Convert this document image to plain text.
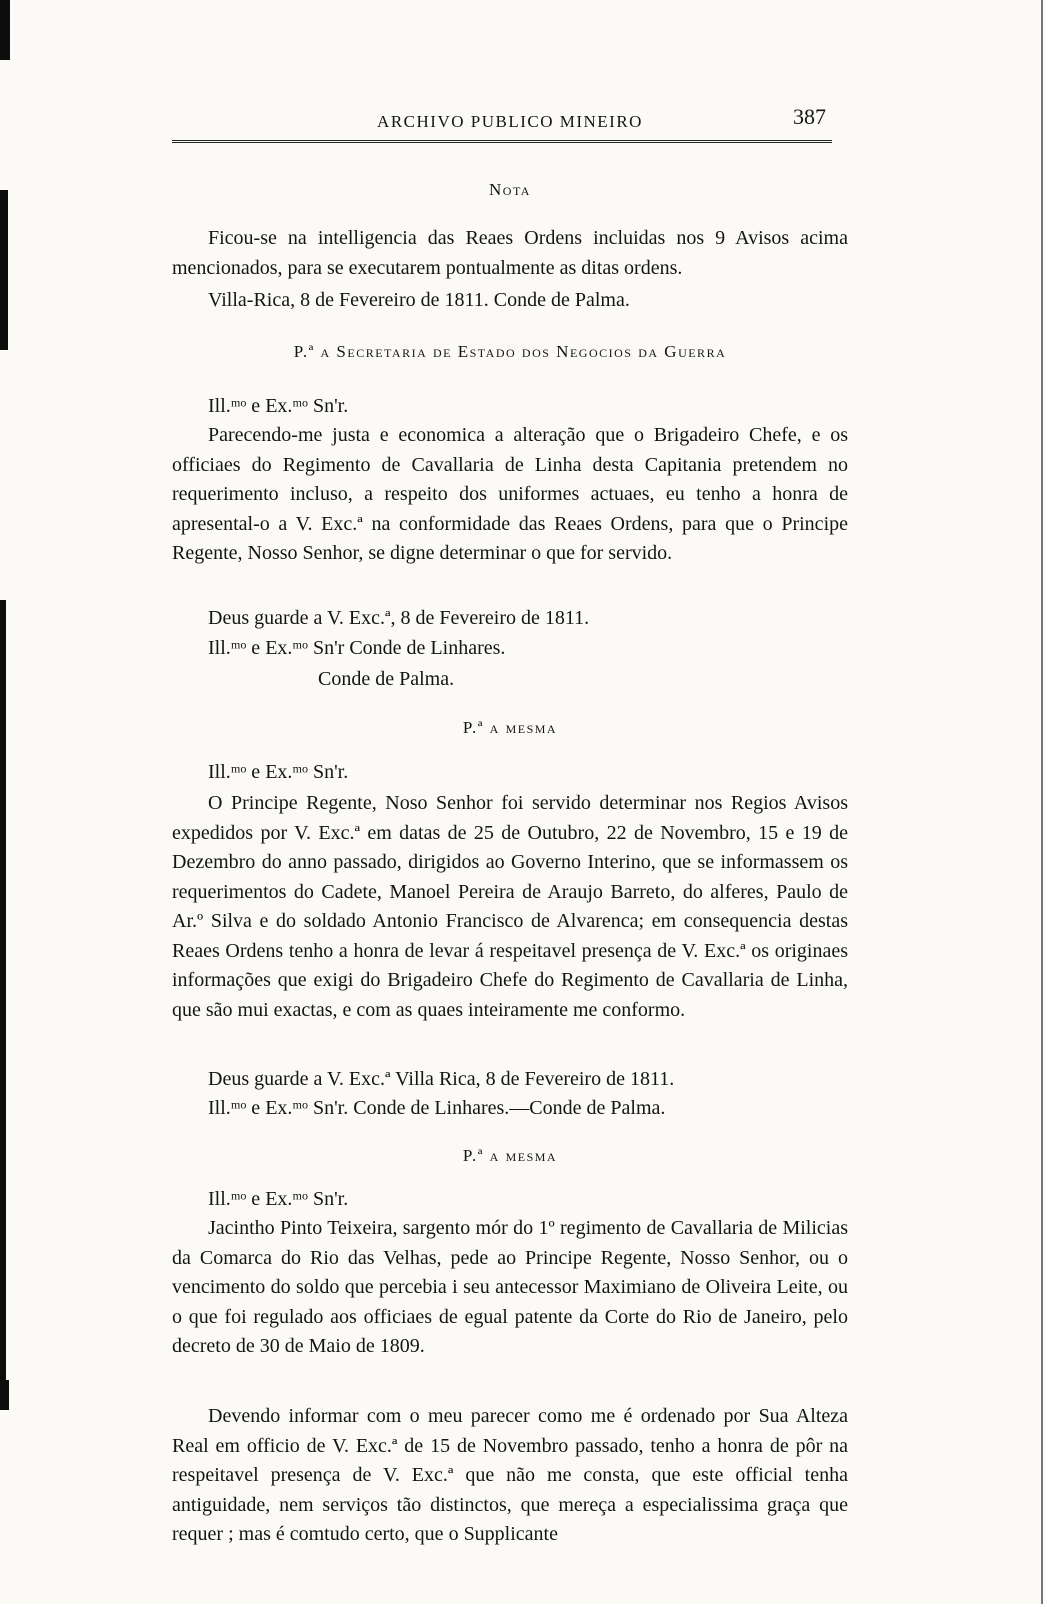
ARCHIVO PUBLICO MINEIRO	387
Nota
Ficou-se na intelligencia das Reaes Ordens incluidas nos 9 Avisos acima mencionados, para se executarem pontualmente as ditas ordens.
Villa-Rica, 8 de Fevereiro de 1811. Conde de Palma.
P.ª a Secretaria de Estado dos Negocios da Guerra
Ill.ᵐᵒ e Ex.ᵐᵒ Sn'r.
Parecendo-me justa e economica a alteração que o Brigadeiro Chefe, e os officiaes do Regimento de Cavallaria de Linha desta Capitania pretendem no requerimento incluso, a respeito dos uniformes actuaes, eu tenho a honra de apresental-o a V. Exc.ª na conformidade das Reaes Ordens, para que o Principe Regente, Nosso Senhor, se digne determinar o que for servido.
Deus guarde a V. Exc.ª, 8 de Fevereiro de 1811.
Ill.ᵐᵒ e Ex.ᵐᵒ Sn'r Conde de Linhares.
Conde de Palma.
P.ª a mesma
Ill.ᵐᵒ e Ex.ᵐᵒ Sn'r.
O Principe Regente, Noso Senhor foi servido determinar nos Regios Avisos expedidos por V. Exc.ª em datas de 25 de Outubro, 22 de Novembro, 15 e 19 de Dezembro do anno passado, dirigidos ao Governo Interino, que se informassem os requerimentos do Cadete, Manoel Pereira de Araujo Barreto, do alferes, Paulo de Ar.º Silva e do soldado Antonio Francisco de Alvarenca; em consequencia destas Reaes Ordens tenho a honra de levar á respeitavel presença de V. Exc.ª os originaes informações que exigi do Brigadeiro Chefe do Regimento de Cavallaria de Linha, que são mui exactas, e com as quaes inteiramente me conformo.
Deus guarde a V. Exc.ª Villa Rica, 8 de Fevereiro de 1811.
Ill.ᵐᵒ e Ex.ᵐᵒ Sn'r. Conde de Linhares.—Conde de Palma.
P.ª a mesma
Ill.ᵐᵒ e Ex.ᵐᵒ Sn'r.
Jacintho Pinto Teixeira, sargento mór do 1º regimento de Cavallaria de Milicias da Comarca do Rio das Velhas, pede ao Principe Regente, Nosso Senhor, ou o vencimento do soldo que percebia i seu antecessor Maximiano de Oliveira Leite, ou o que foi regulado aos officiaes de egual patente da Corte do Rio de Janeiro, pelo decreto de 30 de Maio de 1809.
Devendo informar com o meu parecer como me é ordenado por Sua Alteza Real em officio de V. Exc.ª de 15 de Novembro passado, tenho a honra de pôr na respeitavel presença de V. Exc.ª que não me consta, que este official tenha antiguidade, nem serviços tão distinctos, que mereça a especialissima graça que requer ; mas é comtudo certo, que o Supplicante
